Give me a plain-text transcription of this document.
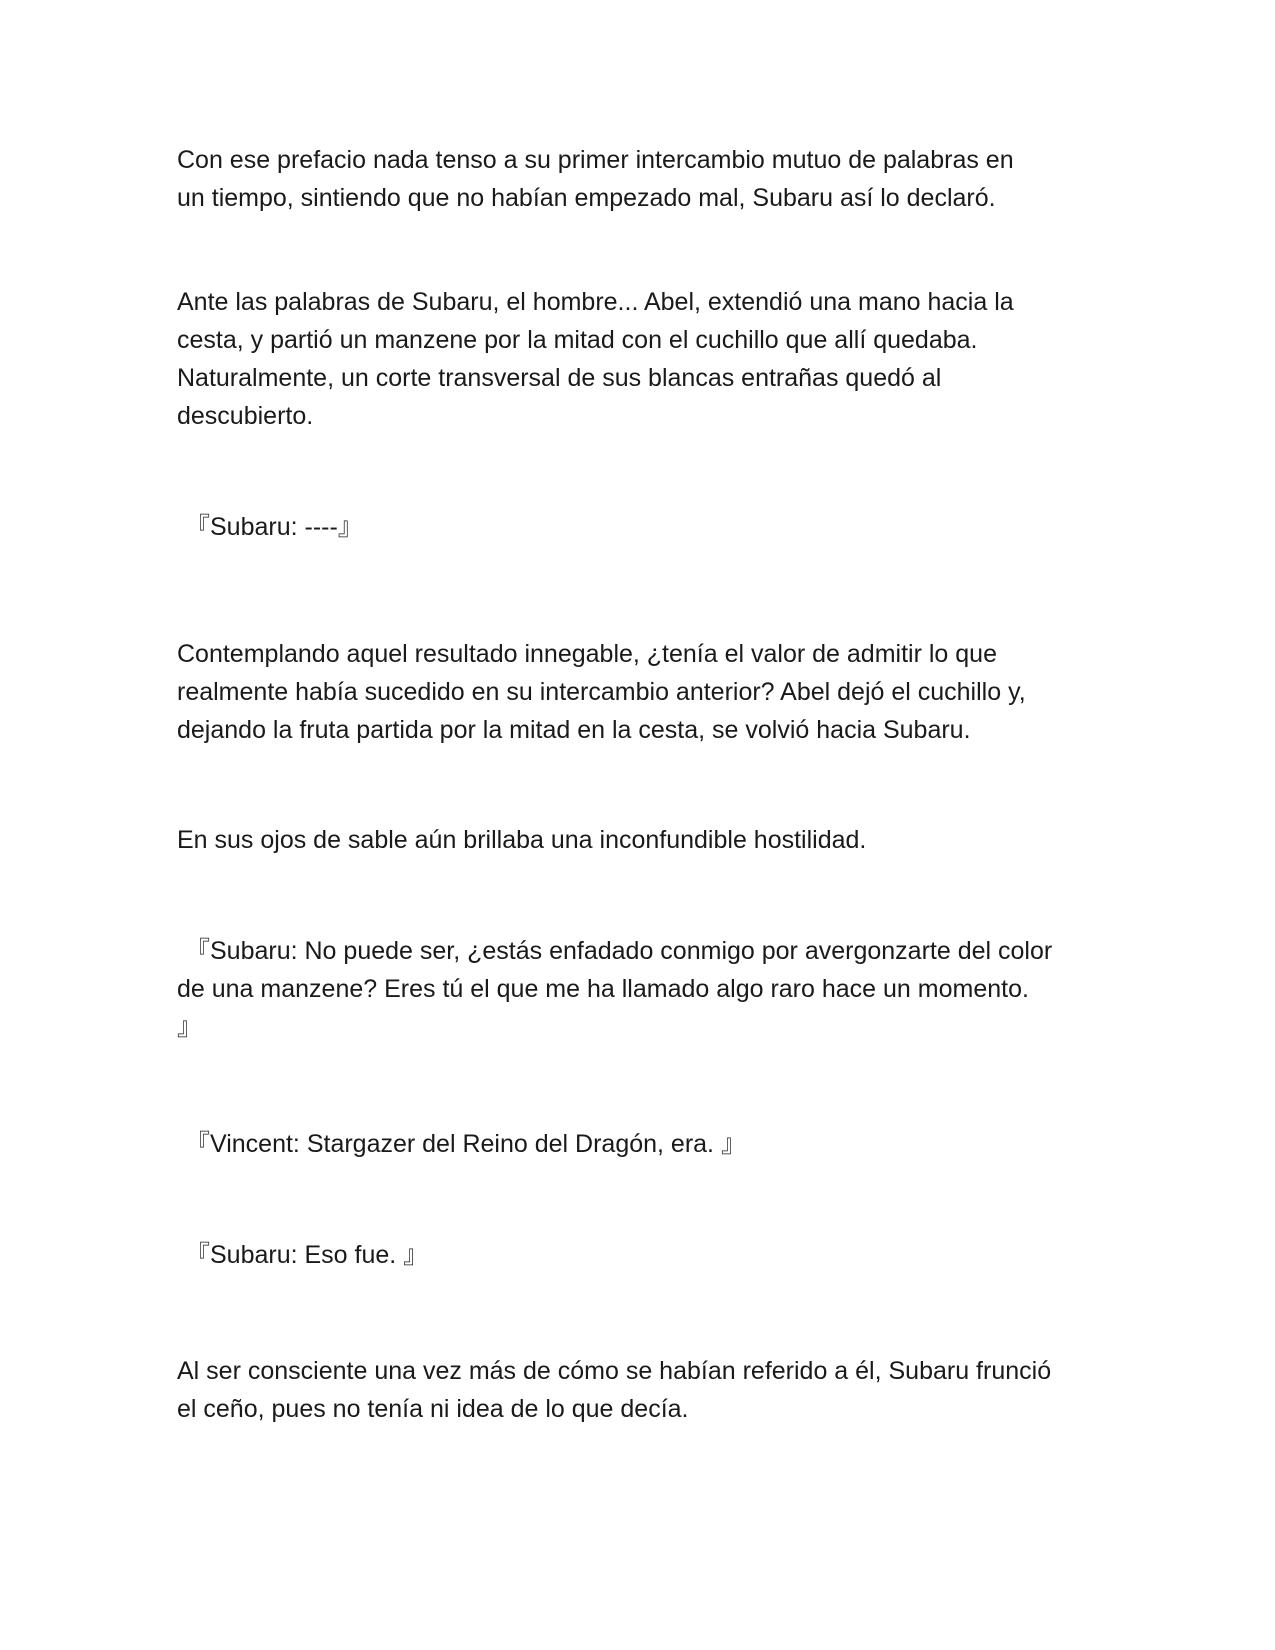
Con ese prefacio nada tenso a su primer intercambio mutuo de palabras en
un tiempo, sintiendo que no habían empezado mal, Subaru así lo declaró.

Ante las palabras de Subaru, el hombre... Abel, extendió una mano hacia la
cesta, y partió un manzene por la mitad con el cuchillo que allí quedaba.
Naturalmente, un corte transversal de sus blancas entrañas quedó al
descubierto.

『Subaru: ----』

Contemplando aquel resultado innegable, ¿tenía el valor de admitir lo que
realmente había sucedido en su intercambio anterior? Abel dejó el cuchillo y,
dejando la fruta partida por la mitad en la cesta, se volvió hacia Subaru.

En sus ojos de sable aún brillaba una inconfundible hostilidad.

『Subaru: No puede ser, ¿estás enfadado conmigo por avergonzarte del color
de una manzene? Eres tú el que me ha llamado algo raro hace un momento.
』

『Vincent: Stargazer del Reino del Dragón, era. 』

『Subaru: Eso fue. 』

Al ser consciente una vez más de cómo se habían referido a él, Subaru frunció
el ceño, pues no tenía ni idea de lo que decía.
